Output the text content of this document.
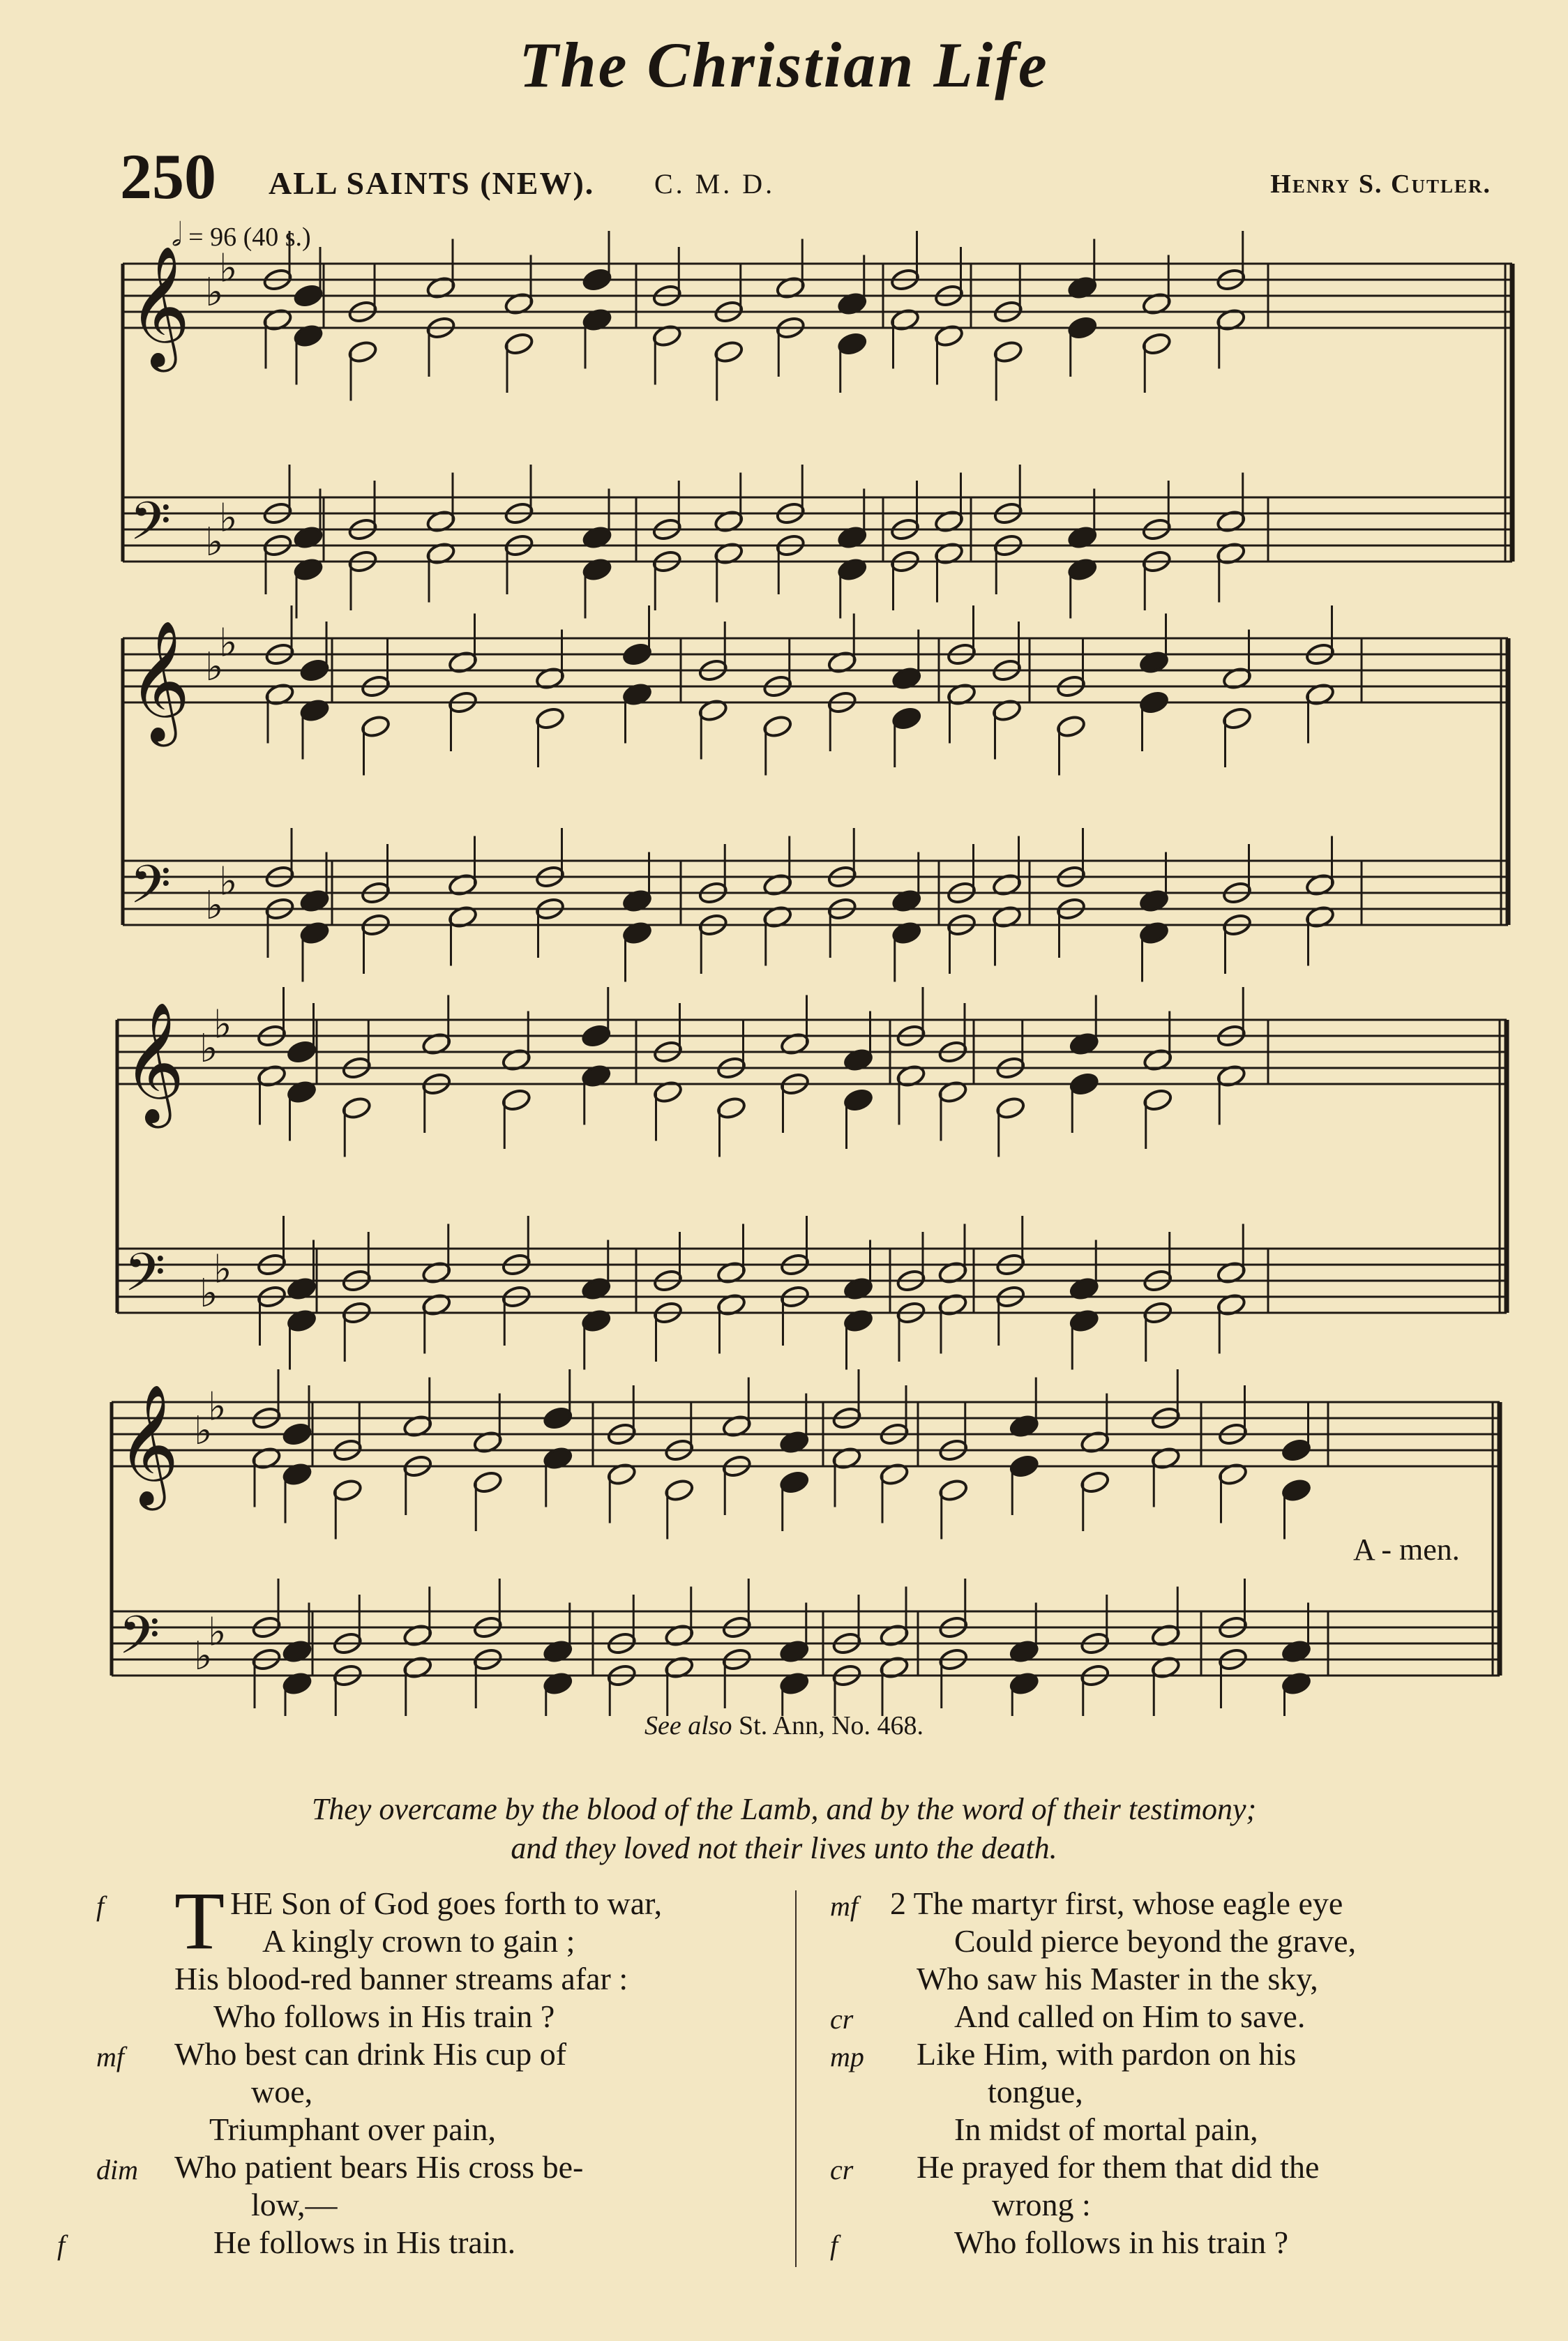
The Christian Life
250 ALL SAINTS (NEW). C. M. D.	Henry S. Cutler.
𝅗𝅥 = 96 (40 s.)
𝄞
𝄢
♭
♭
♭
♭
𝄞
𝄢
♭
♭
♭
♭
𝄞
𝄢
♭
♭
♭
♭
𝄞
𝄢
♭
♭
♭
♭
A - men.
See also St. Ann, No. 468.
They overcame by the blood of the Lamb, and by the word of their testimony;
and they loved not their lives unto the death.
f T HE Son of God goes forth to war,
A kingly crown to gain ;
His blood-red banner streams afar :
Who follows in His train ?
mf Who best can drink His cup of
woe,
Triumphant over pain,
dim Who patient bears His cross be-
low,—
f	He follows in His train.
mf 2 The martyr first, whose eagle eye
Could pierce beyond the grave,
Who saw his Master in the sky,
cr	And called on Him to save.
mp Like Him, with pardon on his
tongue,
In midst of mortal pain,
cr He prayed for them that did the
wrong :
f	Who follows in his train ?
